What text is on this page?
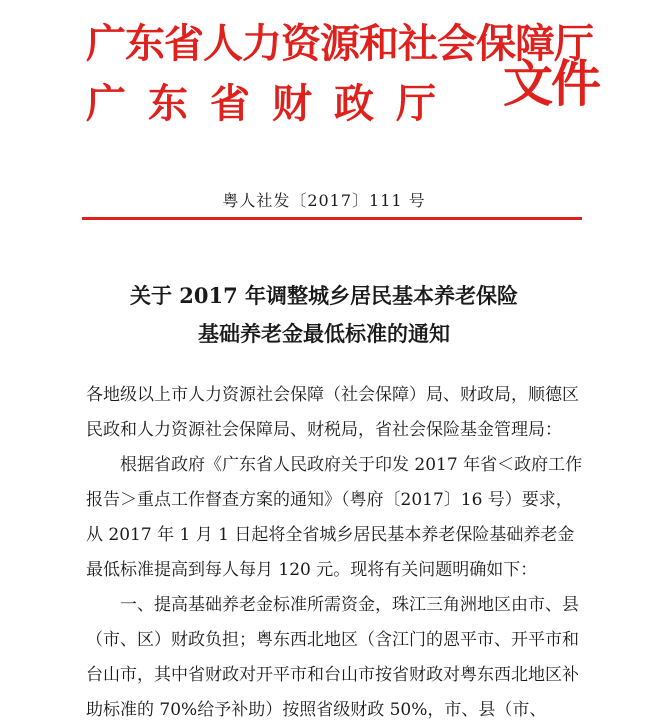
广东省人力资源和社会保障厅
广东省财政厅 文件
粤人社发〔2017〕111 号
关于 2017 年调整城乡居民基本养老保险
基础养老金最低标准的通知

各地级以上市人力资源社会保障（社会保障）局、财政局，顺德区民政和人力资源社会保障局、财税局，省社会保险基金管理局：

根据省政府《广东省人民政府关于印发 2017 年省＜政府工作报告＞重点工作督查方案的通知》（粤府〔2017〕16 号）要求，从 2017 年 1 月 1 日起将全省城乡居民基本养老保险基础养老金最低标准提高到每人每月 120 元。现将有关问题明确如下：

一、提高基础养老金标准所需资金，珠江三角洲地区由市、县（市、区）财政负担；粤东西北地区（含江门的恩平市、开平市和台山市，其中省财政对开平市和台山市按省财政对粤东西北地区补助标准的 70%给予补助）按照省级财政 50%，市、县（市、
